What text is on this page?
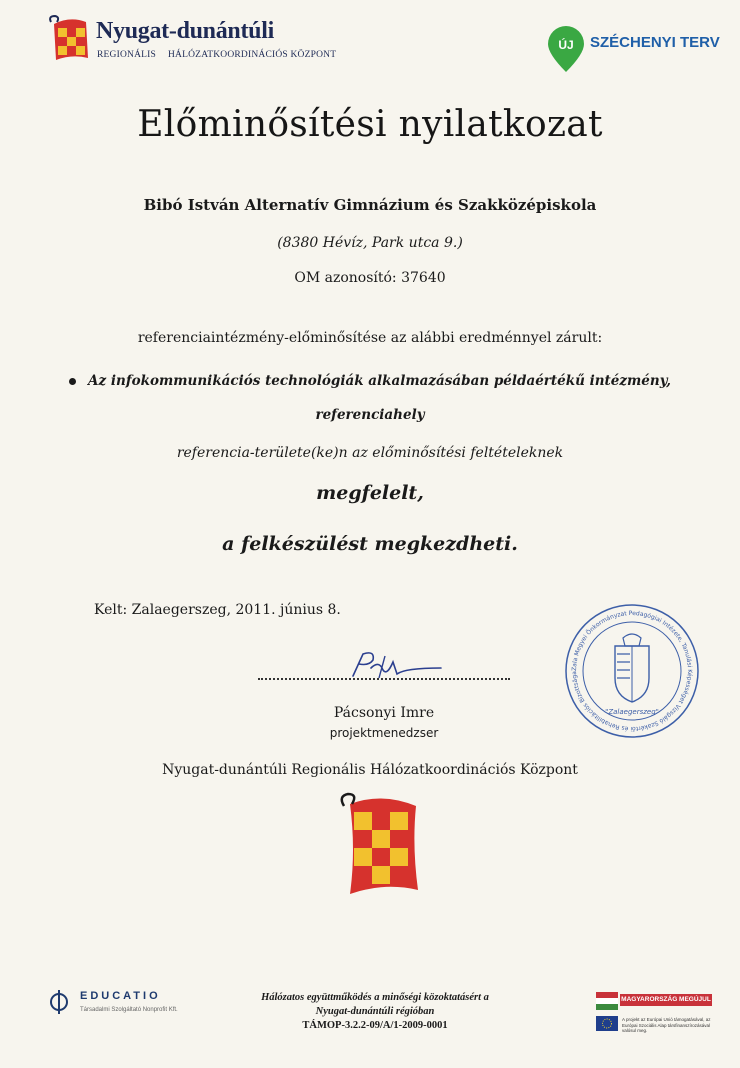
Nyugat-dunántúli
REGIONÁLIS HÁLÓZATKOORDINÁCIÓS KÖZPONT
ÚJ SZÉCHENYI TERV
Előminősítési nyilatkozat
Bibó István Alternatív Gimnázium és Szakközépiskola
(8380 Hévíz, Park utca 9.)
OM azonosító: 37640
referenciaintézmény-előminősítése az alábbi eredménnyel zárult:
Az infokommunikációs technológiák alkalmazásában példaértékű intézmény,
referenciahely
referencia-területe(ke)n az előminősítési feltételeknek
megfelelt,
a felkészülést megkezdheti.
Kelt: Zalaegerszeg, 2011. június 8.
Pácsonyi Imre
projektmenedzser
Zala Megyei Önkormányzat Pedagógiai Intézete, Tanulási Képességet Vizsgáló Szakértői és Rehabilitációs Bizottsága
"Zalaegerszeg"
Nyugat-dunántúli Regionális Hálózatkoordinációs Központ
EDUCATIO
Társadalmi Szolgáltató Nonprofit Kft.
Hálózatos együttműködés a minőségi közoktatásért a
Nyugat-dunántúli régióban
TÁMOP-3.2.2-09/A/1-2009-0001
MAGYARORSZÁG MEGÚJUL
A projekt az Európai Unió támogatásával, az Európai Szociális Alap társfinanszírozásával valósul meg.
